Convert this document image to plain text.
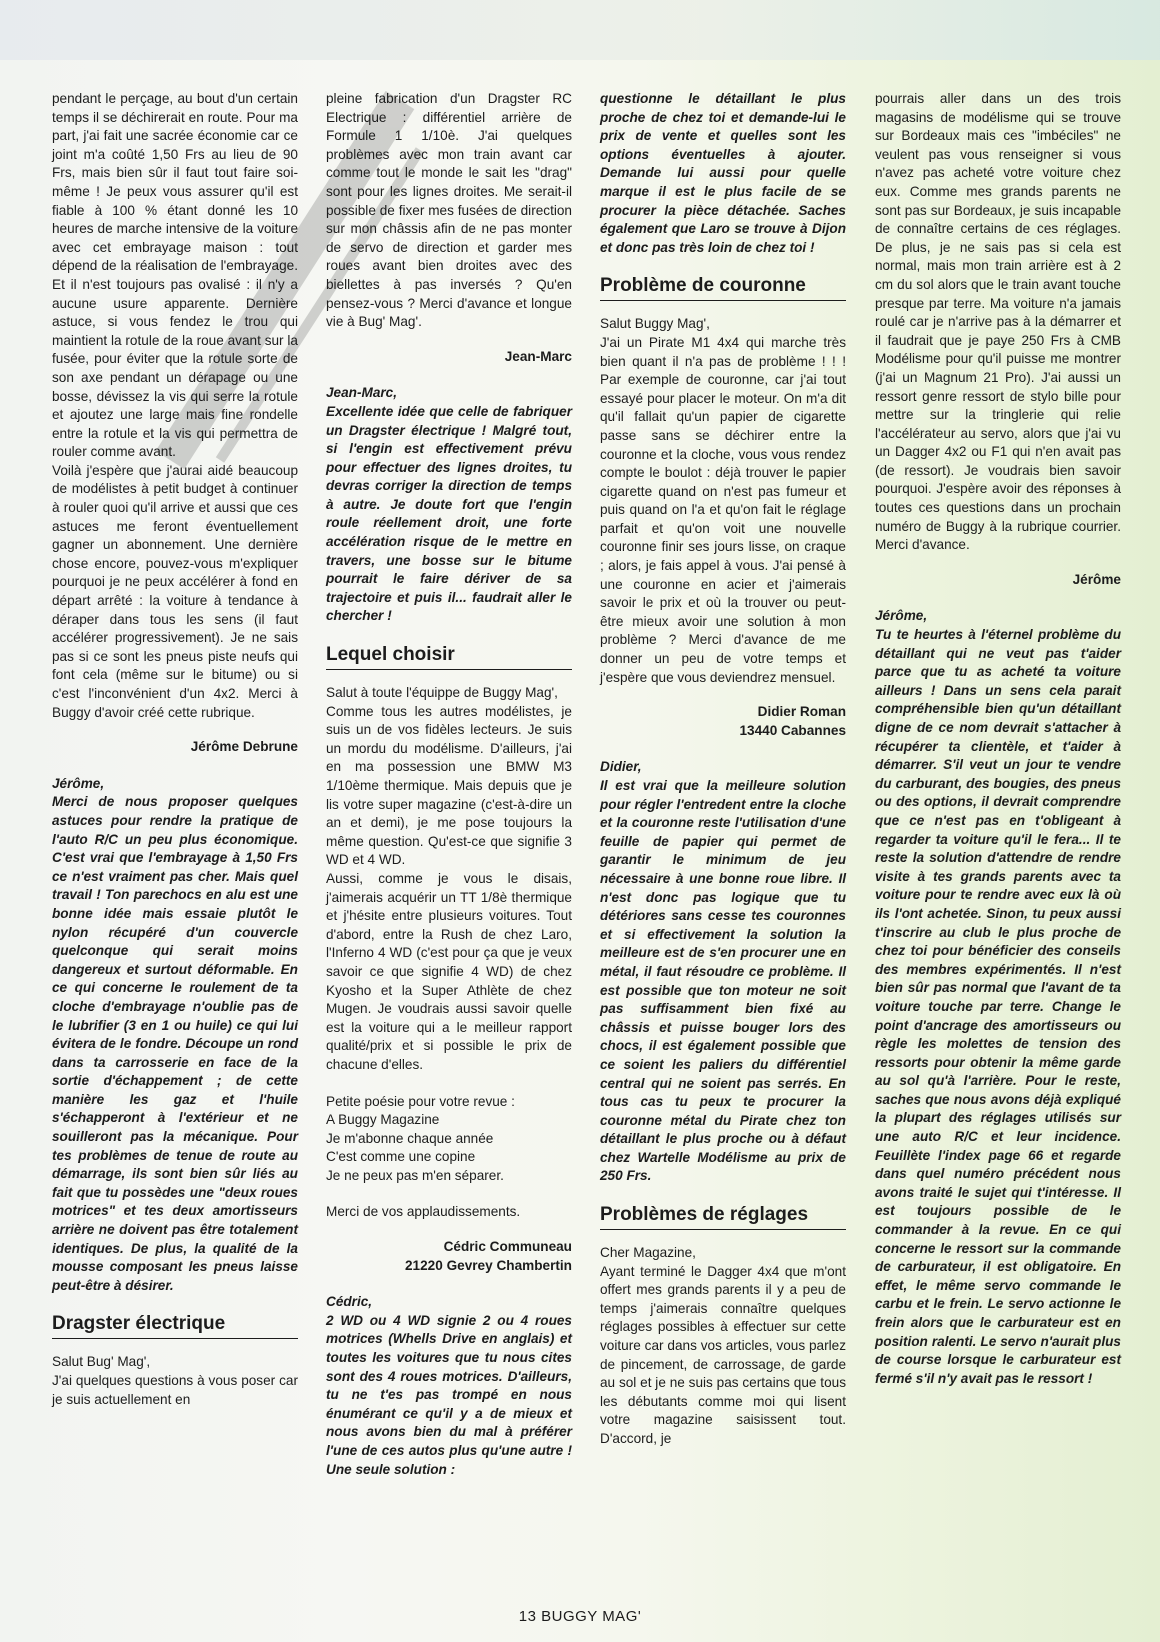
pendant le perçage, au bout d'un certain temps il se déchirerait en route. Pour ma part, j'ai fait une sacrée économie car ce joint m'a coûté 1,50 Frs au lieu de 90 Frs, mais bien sûr il faut tout faire soi-même ! Je peux vous assurer qu'il est fiable à 100 % étant donné les 10 heures de marche intensive de la voiture avec cet embrayage maison : tout dépend de la réalisation de l'embrayage. Et il n'est toujours pas ovalisé : il n'y a aucune usure apparente. Dernière astuce, si vous fendez le trou qui maintient la rotule de la roue avant sur la fusée, pour éviter que la rotule sorte de son axe pendant un dérapage ou une bosse, dévissez la vis qui serre la rotule et ajoutez une large mais fine rondelle entre la rotule et la vis qui permettra de rouler comme avant.

Voilà j'espère que j'aurai aidé beaucoup de modélistes à petit budget à continuer à rouler quoi qu'il arrive et aussi que ces astuces me feront éventuellement gagner un abonnement. Une dernière chose encore, pouvez-vous m'expliquer pourquoi je ne peux accélérer à fond en départ arrêté : la voiture à tendance à déraper dans tous les sens (il faut accélérer progressivement). Je ne sais pas si ce sont les pneus piste neufs qui font cela (même sur le bitume) ou si c'est l'inconvénient d'un 4x2. Merci à Buggy d'avoir créé cette rubrique.

Jérôme Debrune
Jérôme,

Merci de nous proposer quelques astuces pour rendre la pratique de l'auto R/C un peu plus économique. C'est vrai que l'embrayage à 1,50 Frs ce n'est vraiment pas cher. Mais quel travail ! Ton parechocs en alu est une bonne idée mais essaie plutôt le nylon récupéré d'un couvercle quelconque qui serait moins dangereux et surtout déformable. En ce qui concerne le roulement de ta cloche d'embrayage n'oublie pas de le lubrifier (3 en 1 ou huile) ce qui lui évitera de le fondre. Découpe un rond dans ta carrosserie en face de la sortie d'échappement ; de cette manière les gaz et l'huile s'échapperont à l'extérieur et ne souilleront pas la mécanique. Pour tes problèmes de tenue de route au démarrage, ils sont bien sûr liés au fait que tu possèdes une "deux roues motrices" et tes deux amortisseurs arrière ne doivent pas être totalement identiques. De plus, la qualité de la mousse composant les pneus laisse peut-être à désirer.

Dragster électrique

Salut Bug' Mag',

J'ai quelques questions à vous poser car je suis actuellement en

pleine fabrication d'un Dragster RC Electrique : différentiel arrière de Formule 1 1/10è. J'ai quelques problèmes avec mon train avant car comme tout le monde le sait les "drag" sont pour les lignes droites. Me serait-il possible de fixer mes fusées de direction sur mon châssis afin de ne pas monter de servo de direction et garder mes roues avant bien droites avec des biellettes à pas inversés ? Qu'en pensez-vous ? Merci d'avance et longue vie à Bug' Mag'.

Jean-Marc
Jean-Marc,

Excellente idée que celle de fabriquer un Dragster électrique ! Malgré tout, si l'engin est effectivement prévu pour effectuer des lignes droites, tu devras corriger la direction de temps à autre. Je doute fort que l'engin roule réellement droit, une forte accélération risque de le mettre en travers, une bosse sur le bitume pourrait le faire dériver de sa trajectoire et puis il... faudrait aller le chercher !

Lequel choisir

Salut à toute l'équippe de Buggy Mag',

Comme tous les autres modélistes, je suis un de vos fidèles lecteurs. Je suis un mordu du modélisme. D'ailleurs, j'ai en ma possession une BMW M3 1/10ème thermique. Mais depuis que je lis votre super magazine (c'est-à-dire un an et demi), je me pose toujours la même question. Qu'est-ce que signifie 3 WD et 4 WD.

Aussi, comme je vous le disais, j'aimerais acquérir un TT 1/8è thermique et j'hésite entre plusieurs voitures. Tout d'abord, entre la Rush de chez Laro, l'Inferno 4 WD (c'est pour ça que je veux savoir ce que signifie 4 WD) de chez Kyosho et la Super Athlète de chez Mugen. Je voudrais aussi savoir quelle est la voiture qui a le meilleur rapport qualité/prix et si possible le prix de chacune d'elles.

Petite poésie pour votre revue :

A Buggy Magazine

Je m'abonne chaque année

C'est comme une copine

Je ne peux pas m'en séparer.

Merci de vos applaudissements.

Cédric Communeau
21220 Gevrey Chambertin
Cédric,

2 WD ou 4 WD signie 2 ou 4 roues motrices (Whells Drive en anglais) et toutes les voitures que tu nous cites sont des 4 roues motrices. D'ailleurs, tu ne t'es pas trompé en nous énumérant ce qu'il y a de mieux et nous avons bien du mal à préférer l'une de ces autos plus qu'une autre ! Une seule solution :

questionne le détaillant le plus proche de chez toi et demande-lui le prix de vente et quelles sont les options éventuelles à ajouter. Demande lui aussi pour quelle marque il est le plus facile de se procurer la pièce détachée. Saches également que Laro se trouve à Dijon et donc pas très loin de chez toi !

Problème de couronne

Salut Buggy Mag',

J'ai un Pirate M1 4x4 qui marche très bien quant il n'a pas de problème ! ! ! Par exemple de couronne, car j'ai tout essayé pour placer le moteur. On m'a dit qu'il fallait qu'un papier de cigarette passe sans se déchirer entre la couronne et la cloche, vous vous rendez compte le boulot : déjà trouver le papier cigarette quand on n'est pas fumeur et puis quand on l'a et qu'on fait le réglage parfait et qu'on voit une nouvelle couronne finir ses jours lisse, on craque ; alors, je fais appel à vous. J'ai pensé à une couronne en acier et j'aimerais savoir le prix et où la trouver ou peut-être mieux avoir une solution à mon problème ? Merci d'avance de me donner un peu de votre temps et j'espère que vous deviendrez mensuel.

Didier Roman
13440 Cabannes
Didier,

Il est vrai que la meilleure solution pour régler l'entredent entre la cloche et la couronne reste l'utilisation d'une feuille de papier qui permet de garantir le minimum de jeu nécessaire à une bonne roue libre. Il n'est donc pas logique que tu détériores sans cesse tes couronnes et si effectivement la solution la meilleure est de s'en procurer une en métal, il faut résoudre ce problème. Il est possible que ton moteur ne soit pas suffisamment bien fixé au châssis et puisse bouger lors des chocs, il est également possible que ce soient les paliers du différentiel central qui ne soient pas serrés. En tous cas tu peux te procurer la couronne métal du Pirate chez ton détaillant le plus proche ou à défaut chez Wartelle Modélisme au prix de 250 Frs.

Problèmes de réglages

Cher Magazine,

Ayant terminé le Dagger 4x4 que m'ont offert mes grands parents il y a peu de temps j'aimerais connaître quelques réglages possibles à effectuer sur cette voiture car dans vos articles, vous parlez de pincement, de carrossage, de garde au sol et je ne suis pas certains que tous les débutants comme moi qui lisent votre magazine saisissent tout. D'accord, je

pourrais aller dans un des trois magasins de modélisme qui se trouve sur Bordeaux mais ces "imbéciles" ne veulent pas vous renseigner si vous n'avez pas acheté votre voiture chez eux. Comme mes grands parents ne sont pas sur Bordeaux, je suis incapable de connaître certains de ces réglages. De plus, je ne sais pas si cela est normal, mais mon train arrière est à 2 cm du sol alors que le train avant touche presque par terre. Ma voiture n'a jamais roulé car je n'arrive pas à la démarrer et il faudrait que je paye 250 Frs à CMB Modélisme pour qu'il puisse me montrer (j'ai un Magnum 21 Pro). J'ai aussi un ressort genre ressort de stylo bille pour mettre sur la tringlerie qui relie l'accélérateur au servo, alors que j'ai vu un Dagger 4x2 ou F1 qui n'en avait pas (de ressort). Je voudrais bien savoir pourquoi. J'espère avoir des réponses à toutes ces questions dans un prochain numéro de Buggy à la rubrique courrier. Merci d'avance.

Jérôme
Jérôme,

Tu te heurtes à l'éternel problème du détaillant qui ne veut pas t'aider parce que tu as acheté ta voiture ailleurs ! Dans un sens cela parait compréhensible bien qu'un détaillant digne de ce nom devrait s'attacher à récupérer ta clientèle, et t'aider à démarrer. S'il veut un jour te vendre du carburant, des bougies, des pneus ou des options, il devrait comprendre que ce n'est pas en t'obligeant à regarder ta voiture qu'il le fera... Il te reste la solution d'attendre de rendre visite à tes grands parents avec ta voiture pour te rendre avec eux là où ils l'ont achetée. Sinon, tu peux aussi t'inscrire au club le plus proche de chez toi pour bénéficier des conseils des membres expérimentés. Il n'est bien sûr pas normal que l'avant de ta voiture touche par terre. Change le point d'ancrage des amortisseurs ou règle les molettes de tension des ressorts pour obtenir la même garde au sol qu'à l'arrière. Pour le reste, saches que nous avons déjà expliqué la plupart des réglages utilisés sur une auto R/C et leur incidence. Feuillète l'index page 66 et regarde dans quel numéro précédent nous avons traité le sujet qui t'intéresse. Il est toujours possible de le commander à la revue. En ce qui concerne le ressort sur la commande de carburateur, il est obligatoire. En effet, le même servo commande le carbu et le frein. Le servo actionne le frein alors que le carburateur est en position ralenti. Le servo n'aurait plus de course lorsque le carburateur est fermé s'il n'y avait pas le ressort !

13 BUGGY MAG'
